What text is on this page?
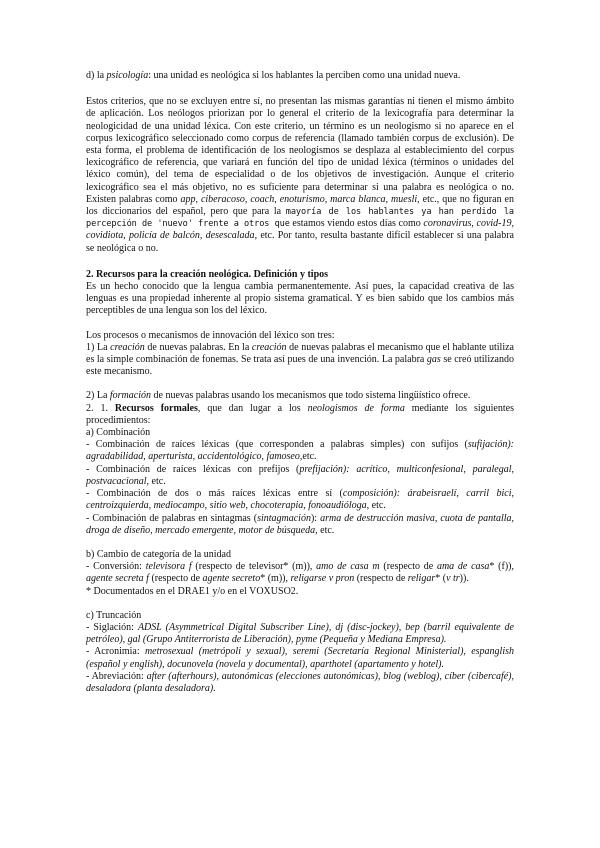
d) la psicología: una unidad es neológica si los hablantes la perciben como una unidad nueva.

Estos criterios, que no se excluyen entre sí, no presentan las mismas garantías ni tienen el mismo ámbito de aplicación. Los neólogos priorizan por lo general el criterio de la lexicografía para determinar la neologicidad de una unidad léxica. Con este criterio, un término es un neologismo si no aparece en el corpus lexicográfico seleccionado como corpus de referencia (llamado también corpus de exclusión). De esta forma, el problema de identificación de los neologismos se desplaza al establecimiento del corpus lexicográfico de referencia, que variará en función del tipo de unidad léxica (términos o unidades del léxico común), del tema de especialidad o de los objetivos de investigación. Aunque el criterio lexicográfico sea el más objetivo, no es suficiente para determinar si una palabra es neológica o no. Existen palabras como app, ciberacoso, coach, enoturismo, marca blanca, muesli, etc., que no figuran en los diccionarios del español, pero que para la mayoría de los hablantes ya han perdido la percepción de 'nuevo' frente a otros que estamos viendo estos días como coronavirus, covid-19, covidiota, policía de balcón, desescalada, etc. Por tanto, resulta bastante difícil establecer si una palabra se neológica o no.

2. Recursos para la creación neológica. Definición y tipos

Es un hecho conocido que la lengua cambia permanentemente. Así pues, la capacidad creativa de las lenguas es una propiedad inherente al propio sistema gramatical. Y es bien sabido que los cambios más perceptibles de una lengua son los del léxico.

Los procesos o mecanismos de innovación del léxico son tres:

1) La creación de nuevas palabras. En la creación de nuevas palabras el mecanismo que el hablante utiliza es la simple combinación de fonemas. Se trata así pues de una invención. La palabra gas se creó utilizando este mecanismo.

2) La formación de nuevas palabras usando los mecanismos que todo sistema lingüístico ofrece.

2. 1. Recursos formales, que dan lugar a los neologismos de forma mediante los siguientes procedimientos:

a) Combinación

- Combinación de raíces léxicas (que corresponden a palabras simples) con sufijos (sufijación): agradabilidad, aperturista, accidentológico, famoseo,etc.

- Combinación de raíces léxicas con prefijos (prefijación): acrítico, multiconfesional, paralegal, postvacacional, etc.

- Combinación de dos o más raíces léxicas entre sí (composición): árabeisraelí, carril bici, centroizquierda, mediocampo, sitio web, chocoterapia, fonoaudióloga, etc.

- Combinación de palabras en sintagmas (sintagmación): arma de destrucción masiva, cuota de pantalla, droga de diseño, mercado emergente, motor de búsqueda, etc.

b) Cambio de categoría de la unidad

- Conversión: televisora f (respecto de televisor* (m)), amo de casa m (respecto de ama de casa* (f)), agente secreta f (respecto de agente secreto* (m)), religarse v pron (respecto de religar* (v tr)).

* Documentados en el DRAE1 y/o en el VOXUSO2.

c) Truncación

- Siglación: ADSL (Asymmetrical Digital Subscriber Line), dj (disc-jockey), bep (barril equivalente de petróleo), gal (Grupo Antiterrorista de Liberación), pyme (Pequeña y Mediana Empresa).

- Acronimia: metrosexual (metrópoli y sexual), seremi (Secretaría Regional Ministerial), espanglish (español y english), docunovela (novela y documental), aparthotel (apartamento y hotel).

- Abreviación: after (afterhours), autonómicas (elecciones autonómicas), blog (weblog), cíber (cibercafé), desaladora (planta desaladora).
